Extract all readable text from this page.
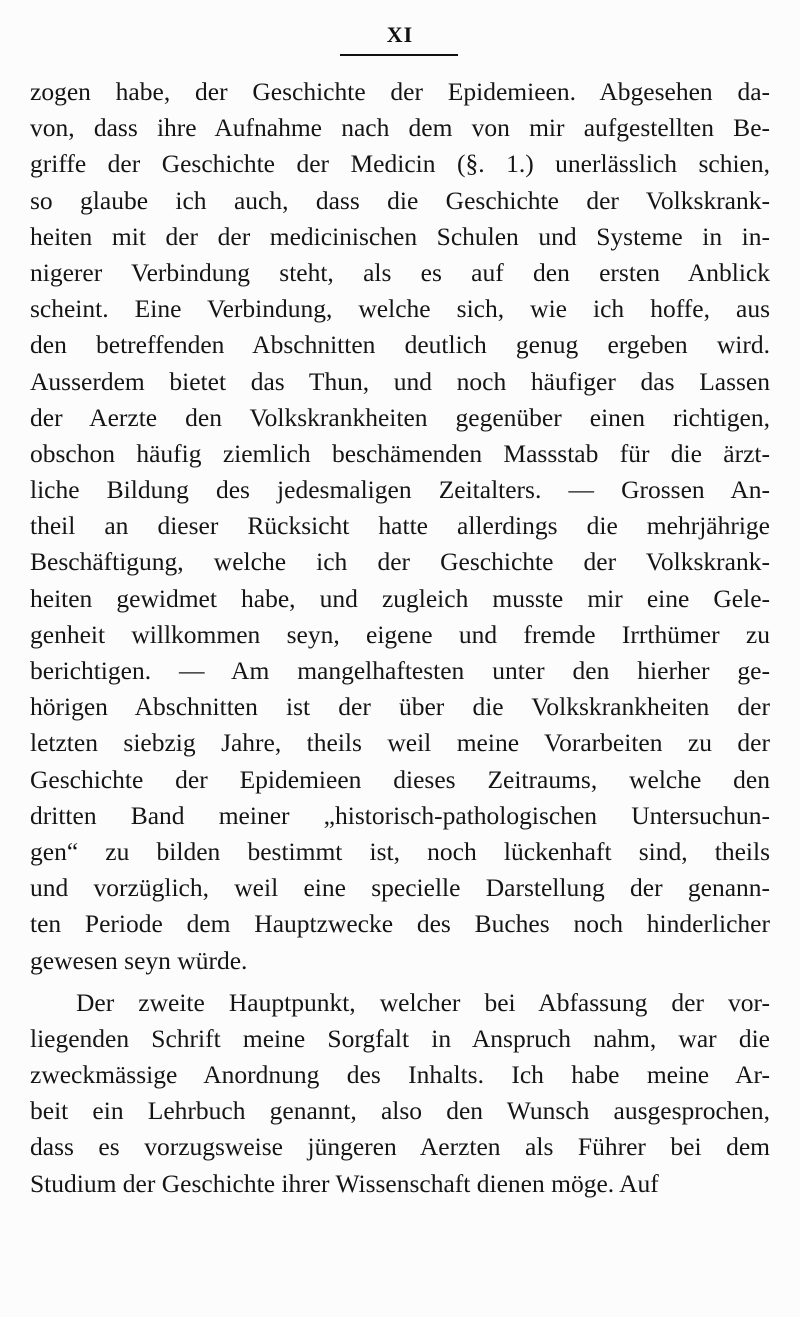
XI
zogen habe, der Geschichte der Epidemieen. Abgesehen da-
von, dass ihre Aufnahme nach dem von mir aufgestellten Be-
griffe der Geschichte der Medicin (§. 1.) unerlässlich schien,
so glaube ich auch, dass die Geschichte der Volkskrank-
heiten mit der der medicinischen Schulen und Systeme in in-
nigerer Verbindung steht, als es auf den ersten Anblick
scheint. Eine Verbindung, welche sich, wie ich hoffe, aus
den betreffenden Abschnitten deutlich genug ergeben wird.
Ausserdem bietet das Thun, und noch häufiger das Lassen
der Aerzte den Volkskrankheiten gegenüber einen richtigen,
obschon häufig ziemlich beschämenden Massstab für die ärzt-
liche Bildung des jedesmaligen Zeitalters. — Grossen An-
theil an dieser Rücksicht hatte allerdings die mehrjährige
Beschäftigung, welche ich der Geschichte der Volkskrank-
heiten gewidmet habe, und zugleich musste mir eine Gele-
genheit willkommen seyn, eigene und fremde Irrthümer zu
berichtigen. — Am mangelhaftesten unter den hierher ge-
hörigen Abschnitten ist der über die Volkskrankheiten der
letzten siebzig Jahre, theils weil meine Vorarbeiten zu der
Geschichte der Epidemieen dieses Zeitraums, welche den
dritten Band meiner „historisch-pathologischen Untersuchun-
gen“ zu bilden bestimmt ist, noch lückenhaft sind, theils
und vorzüglich, weil eine specielle Darstellung der genann-
ten Periode dem Hauptzwecke des Buches noch hinderlicher
gewesen seyn würde.
Der zweite Hauptpunkt, welcher bei Abfassung der vor-
liegenden Schrift meine Sorgfalt in Anspruch nahm, war die
zweckmässige Anordnung des Inhalts. Ich habe meine Ar-
beit ein Lehrbuch genannt, also den Wunsch ausgesprochen,
dass es vorzugsweise jüngeren Aerzten als Führer bei dem
Studium der Geschichte ihrer Wissenschaft dienen möge. Auf
